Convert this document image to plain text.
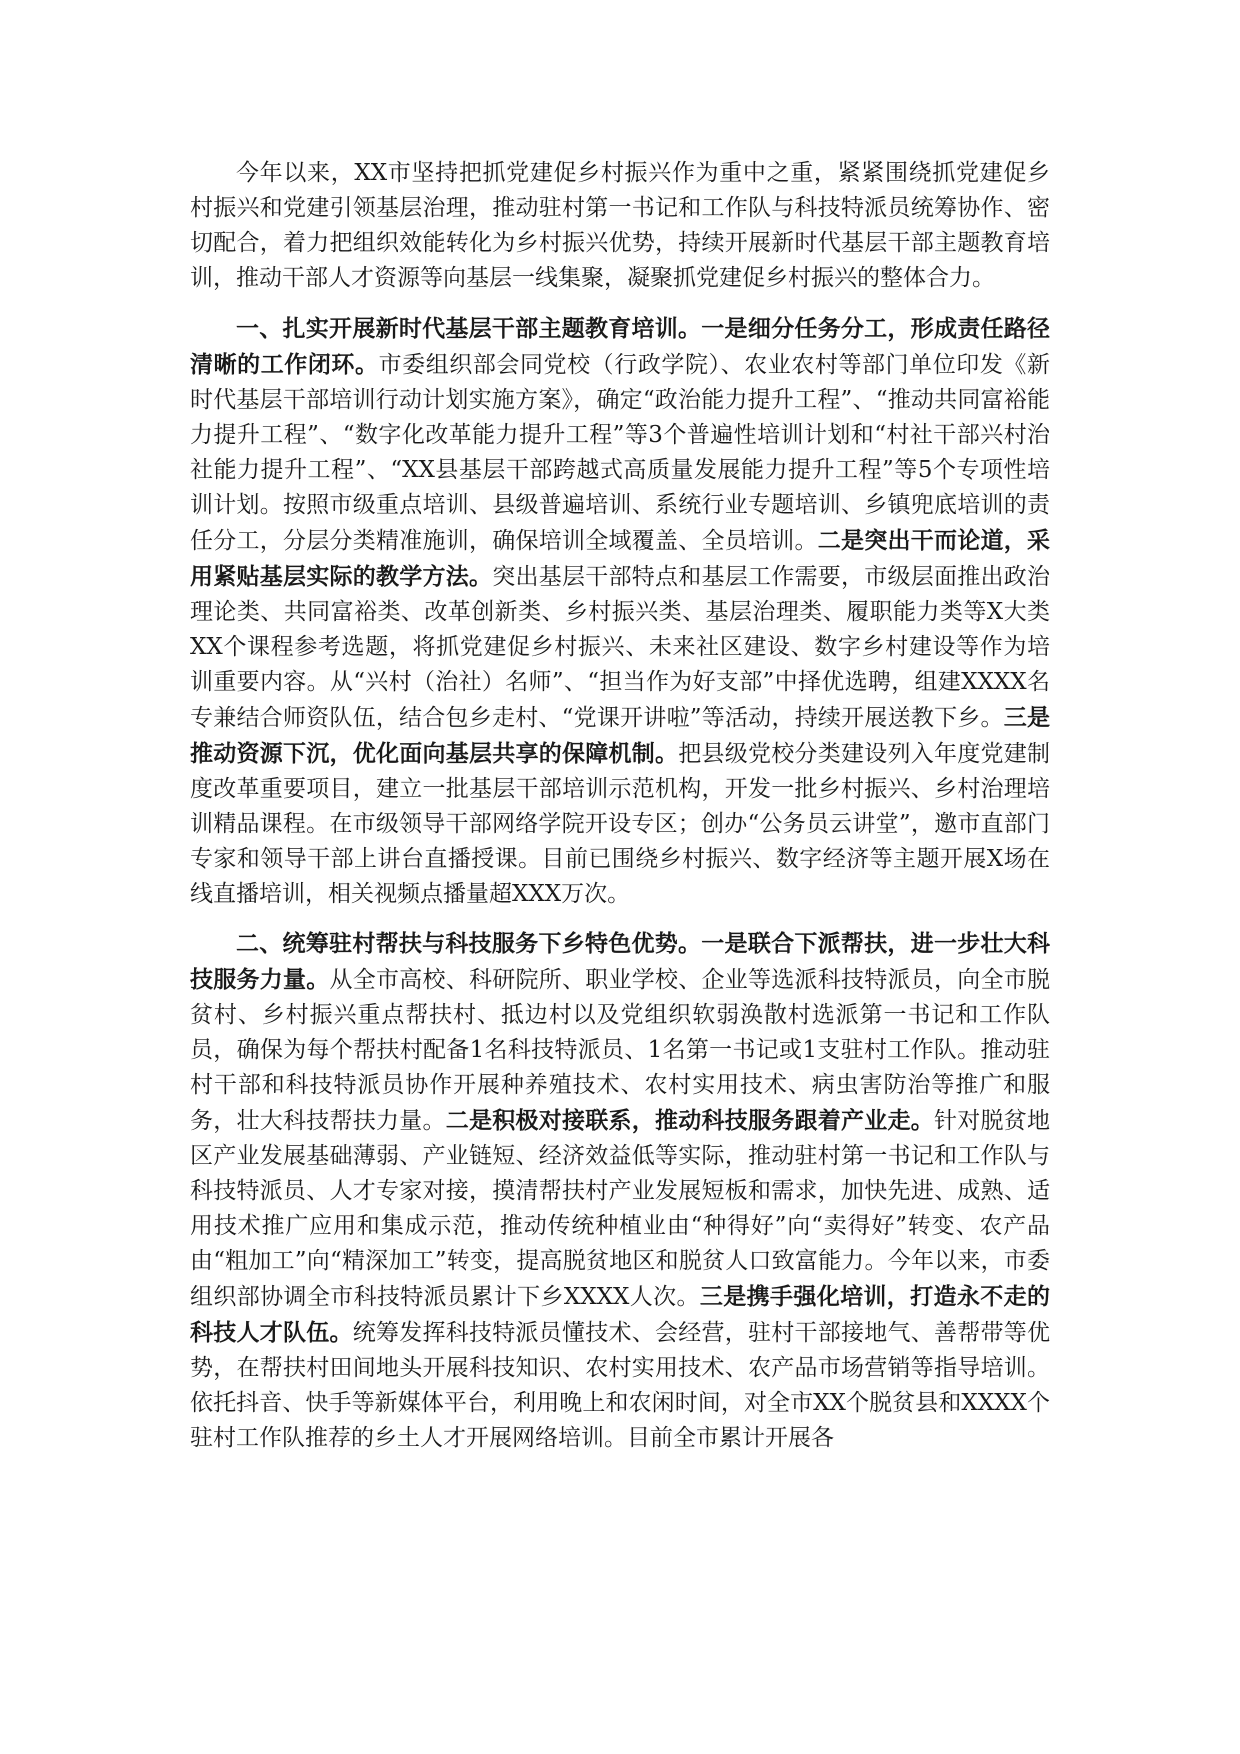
今年以来，XX市坚持把抓党建促乡村振兴作为重中之重，紧紧围绕抓党建促乡村振兴和党建引领基层治理，推动驻村第一书记和工作队与科技特派员统筹协作、密切配合，着力把组织效能转化为乡村振兴优势，持续开展新时代基层干部主题教育培训，推动干部人才资源等向基层一线集聚，凝聚抓党建促乡村振兴的整体合力。

一、扎实开展新时代基层干部主题教育培训。一是细分任务分工，形成责任路径清晰的工作闭环。市委组织部会同党校（行政学院）、农业农村等部门单位印发《新时代基层干部培训行动计划实施方案》，确定“政治能力提升工程”、“推动共同富裕能力提升工程”、“数字化改革能力提升工程”等3个普遍性培训计划和“村社干部兴村治社能力提升工程”、“XX县基层干部跨越式高质量发展能力提升工程”等5个专项性培训计划。按照市级重点培训、县级普遍培训、系统行业专题培训、乡镇兜底培训的责任分工，分层分类精准施训，确保培训全域覆盖、全员培训。二是突出干而论道，采用紧贴基层实际的教学方法。突出基层干部特点和基层工作需要，市级层面推出政治理论类、共同富裕类、改革创新类、乡村振兴类、基层治理类、履职能力类等X大类XX个课程参考选题，将抓党建促乡村振兴、未来社区建设、数字乡村建设等作为培训重要内容。从“兴村（治社）名师”、“担当作为好支部”中择优选聘，组建XXXX名专兼结合师资队伍，结合包乡走村、“党课开讲啦”等活动，持续开展送教下乡。三是推动资源下沉，优化面向基层共享的保障机制。把县级党校分类建设列入年度党建制度改革重要项目，建立一批基层干部培训示范机构，开发一批乡村振兴、乡村治理培训精品课程。在市级领导干部网络学院开设专区；创办“公务员云讲堂”，邀市直部门专家和领导干部上讲台直播授课。目前已围绕乡村振兴、数字经济等主题开展X场在线直播培训，相关视频点播量超XXX万次。

二、统筹驻村帮扶与科技服务下乡特色优势。一是联合下派帮扶，进一步壮大科技服务力量。从全市高校、科研院所、职业学校、企业等选派科技特派员，向全市脱贫村、乡村振兴重点帮扶村、抵边村以及党组织软弱涣散村选派第一书记和工作队员，确保为每个帮扶村配备1名科技特派员、1名第一书记或1支驻村工作队。推动驻村干部和科技特派员协作开展种养殖技术、农村实用技术、病虫害防治等推广和服务，壮大科技帮扶力量。二是积极对接联系，推动科技服务跟着产业走。针对脱贫地区产业发展基础薄弱、产业链短、经济效益低等实际，推动驻村第一书记和工作队与科技特派员、人才专家对接，摸清帮扶村产业发展短板和需求，加快先进、成熟、适用技术推广应用和集成示范，推动传统种植业由“种得好”向“卖得好”转变、农产品由“粗加工”向“精深加工”转变，提高脱贫地区和脱贫人口致富能力。今年以来，市委组织部协调全市科技特派员累计下乡XXXX人次。三是携手强化培训，打造永不走的科技人才队伍。统筹发挥科技特派员懂技术、会经营，驻村干部接地气、善帮带等优势，在帮扶村田间地头开展科技知识、农村实用技术、农产品市场营销等指导培训。依托抖音、快手等新媒体平台，利用晚上和农闲时间，对全市XX个脱贫县和XXXX个驻村工作队推荐的乡土人才开展网络培训。目前全市累计开展各
